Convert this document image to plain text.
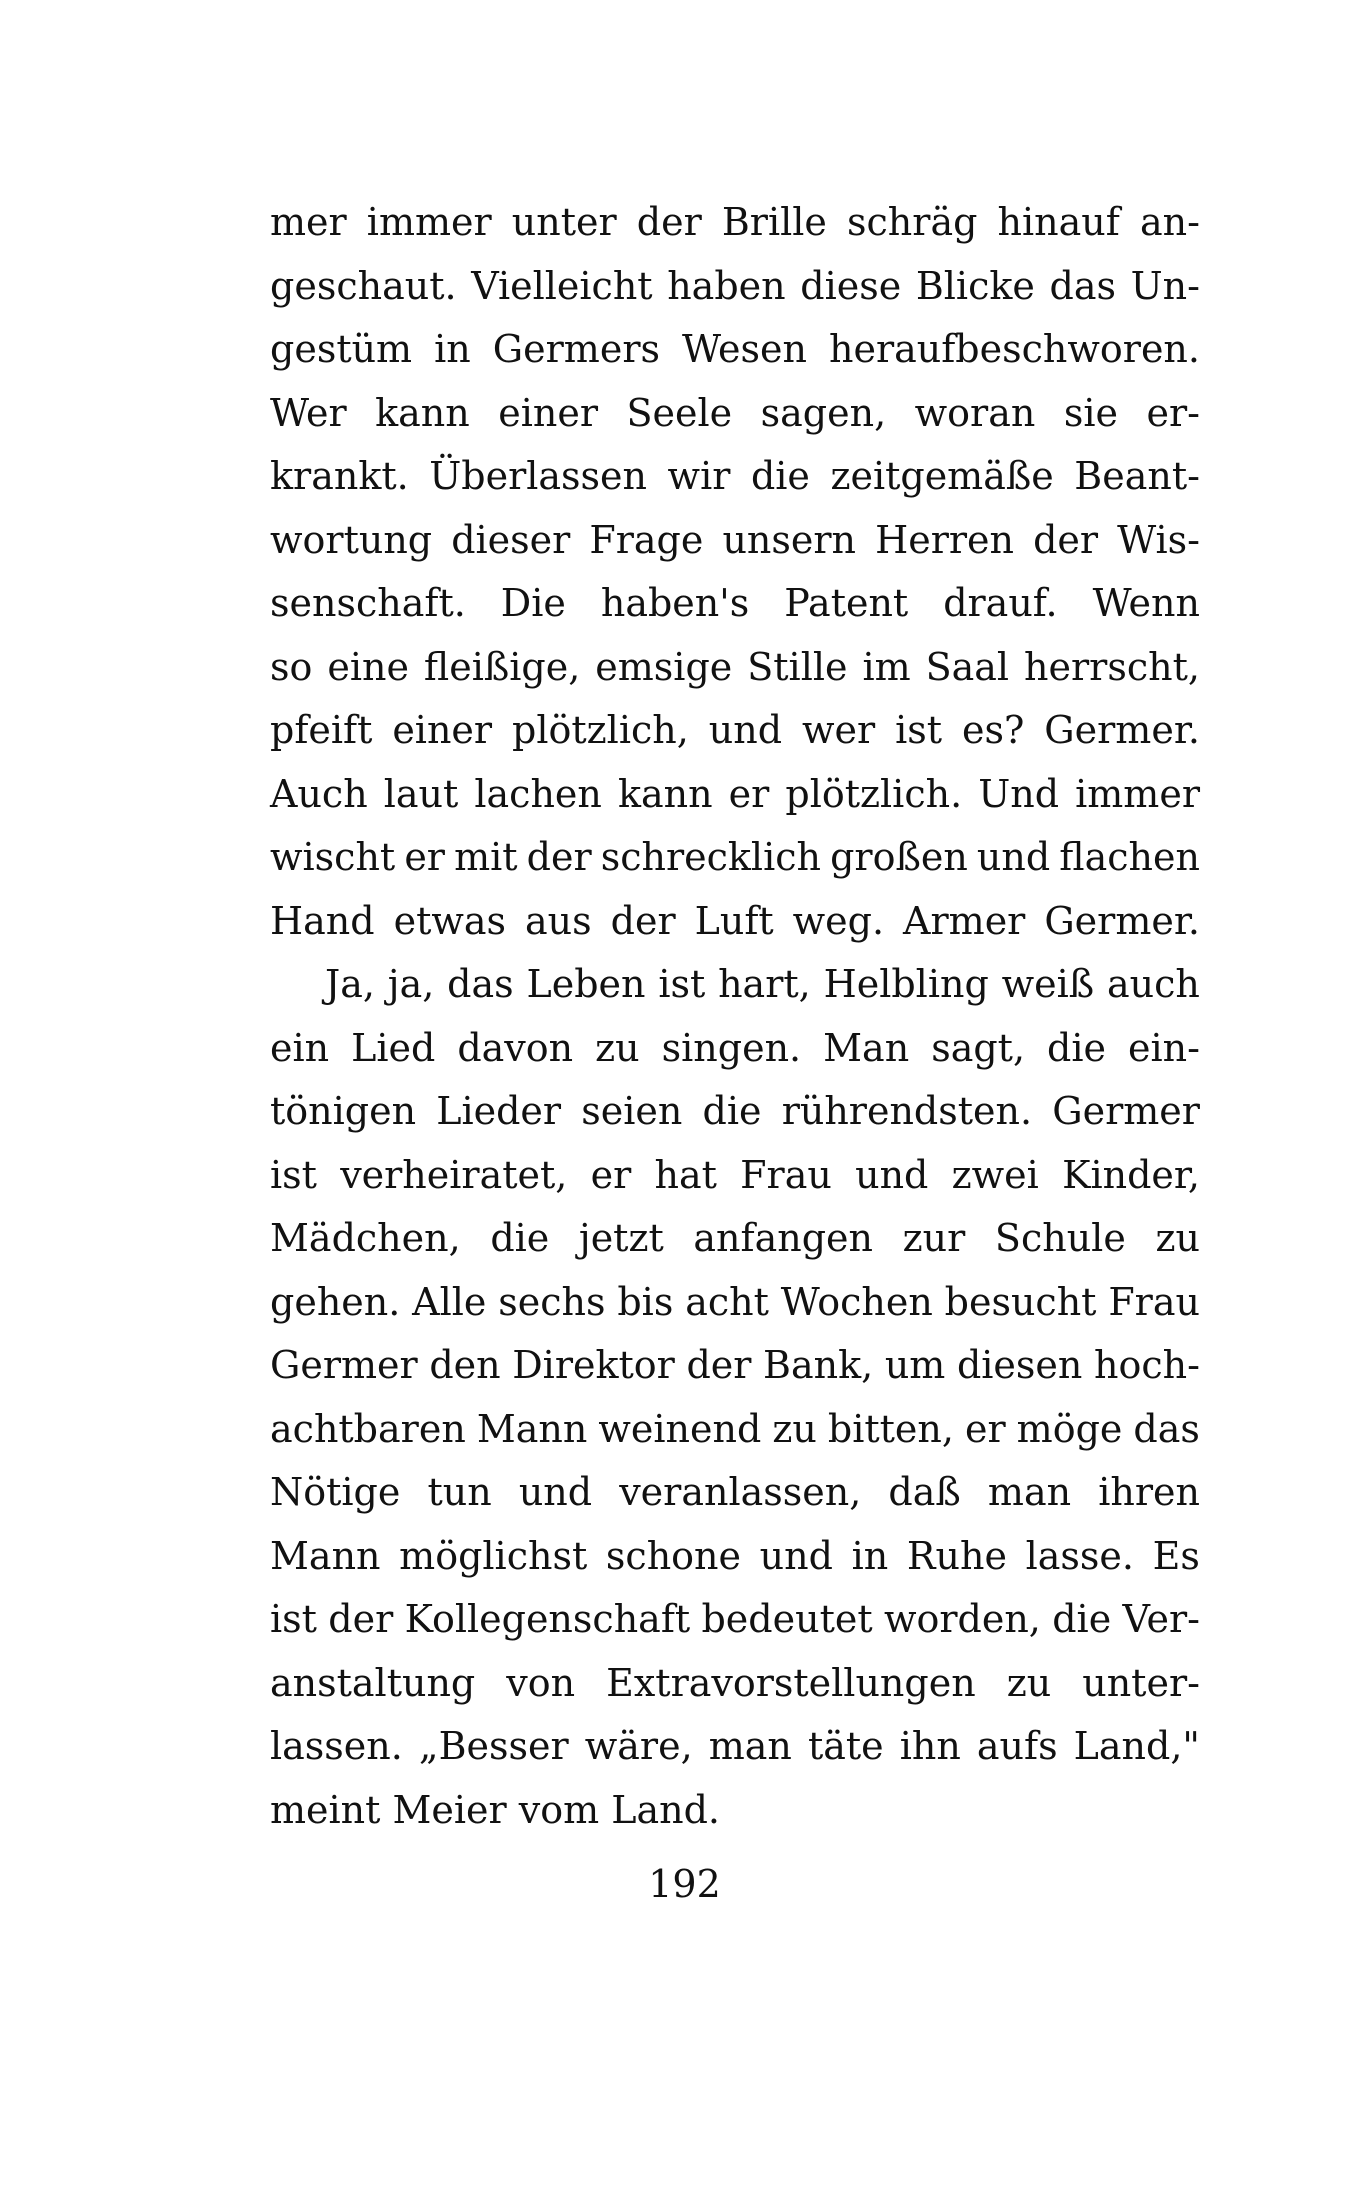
mer immer unter der Brille schräg hinauf an-
geschaut. Vielleicht haben diese Blicke das Un-
gestüm in Germers Wesen heraufbeschworen.
Wer kann einer Seele sagen, woran sie er-
krankt. Überlassen wir die zeitgemäße Beant-
wortung dieser Frage unsern Herren der Wis-
senschaft. Die haben's Patent drauf. Wenn
so eine fleißige, emsige Stille im Saal herrscht,
pfeift einer plötzlich, und wer ist es? Germer.
Auch laut lachen kann er plötzlich. Und immer
wischt er mit der schrecklich großen und flachen
Hand etwas aus der Luft weg. Armer Germer.
Ja, ja, das Leben ist hart, Helbling weiß auch
ein Lied davon zu singen. Man sagt, die ein-
tönigen Lieder seien die rührendsten. Germer
ist verheiratet, er hat Frau und zwei Kinder,
Mädchen, die jetzt anfangen zur Schule zu
gehen. Alle sechs bis acht Wochen besucht Frau
Germer den Direktor der Bank, um diesen hoch-
achtbaren Mann weinend zu bitten, er möge das
Nötige tun und veranlassen, daß man ihren
Mann möglichst schone und in Ruhe lasse. Es
ist der Kollegenschaft bedeutet worden, die Ver-
anstaltung von Extravorstellungen zu unter-
lassen. „Besser wäre, man täte ihn aufs Land,"
meint Meier vom Land.
192
